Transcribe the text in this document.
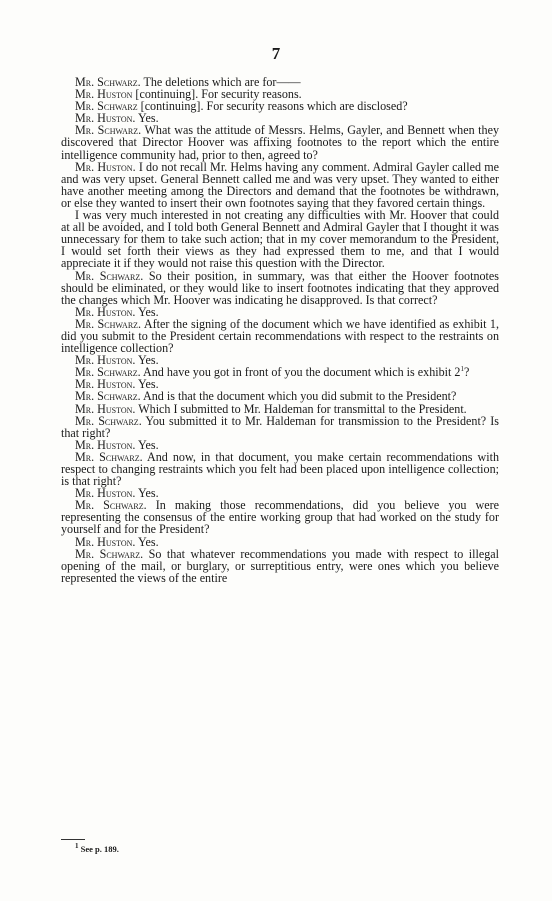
7

Mr. Schwarz. The deletions which are for——

Mr. Huston [continuing]. For security reasons.

Mr. Schwarz [continuing]. For security reasons which are disclosed?

Mr. Huston. Yes.

Mr. Schwarz. What was the attitude of Messrs. Helms, Gayler, and Bennett when they discovered that Director Hoover was affixing footnotes to the report which the entire intelligence community had, prior to then, agreed to?

Mr. Huston. I do not recall Mr. Helms having any comment. Admiral Gayler called me and was very upset. General Bennett called me and was very upset. They wanted to either have another meeting among the Directors and demand that the footnotes be withdrawn, or else they wanted to insert their own footnotes saying that they favored certain things.

I was very much interested in not creating any difficulties with Mr. Hoover that could at all be avoided, and I told both General Bennett and Admiral Gayler that I thought it was unnecessary for them to take such action; that in my cover memorandum to the President, I would set forth their views as they had expressed them to me, and that I would appreciate it if they would not raise this question with the Director.

Mr. Schwarz. So their position, in summary, was that either the Hoover footnotes should be eliminated, or they would like to insert footnotes indicating that they approved the changes which Mr. Hoover was indicating he disapproved. Is that correct?

Mr. Huston. Yes.

Mr. Schwarz. After the signing of the document which we have identified as exhibit 1, did you submit to the President certain recommendations with respect to the restraints on intelligence collection?

Mr. Huston. Yes.

Mr. Schwarz. And have you got in front of you the document which is exhibit $2^1$?

Mr. Huston. Yes.

Mr. Schwarz. And is that the document which you did submit to the President?

Mr. Huston. Which I submitted to Mr. Haldeman for transmittal to the President.

Mr. Schwarz. You submitted it to Mr. Haldeman for transmission to the President? Is that right?

Mr. Huston. Yes.

Mr. Schwarz. And now, in that document, you make certain recommendations with respect to changing restraints which you felt had been placed upon intelligence collection; is that right?

Mr. Huston. Yes.

Mr. Schwarz. In making those recommendations, did you believe you were representing the consensus of the entire working group that had worked on the study for yourself and for the President?

Mr. Huston. Yes.

Mr. Schwarz. So that whatever recommendations you made with respect to illegal opening of the mail, or burglary, or surreptitious entry, were ones which you believe represented the views of the entire

$^1$ See p. 189.
